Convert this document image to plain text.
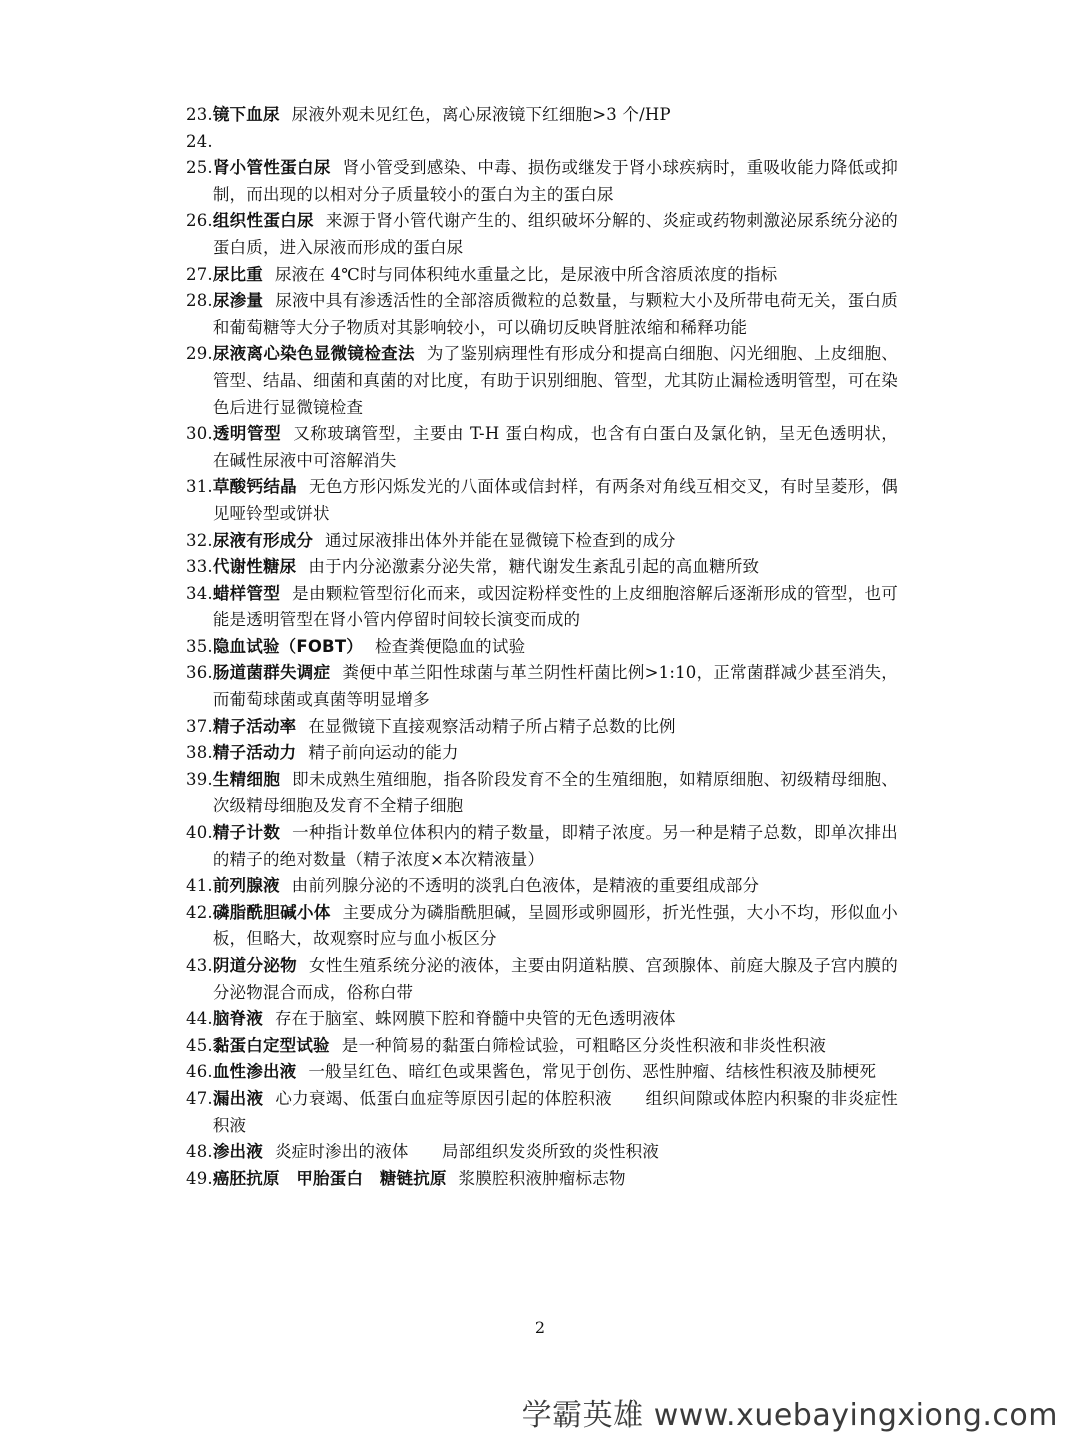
23. 镜下血尿 尿液外观未见红色，离心尿液镜下红细胞>3 个/HP
24.
25. 肾小管性蛋白尿 肾小管受到感染、中毒、损伤或继发于肾小球疾病时，重吸收能力降低或抑制，而出现的以相对分子质量较小的蛋白为主的蛋白尿
26. 组织性蛋白尿 来源于肾小管代谢产生的、组织破坏分解的、炎症或药物刺激泌尿系统分泌的蛋白质，进入尿液而形成的蛋白尿
27. 尿比重 尿液在 4℃时与同体积纯水重量之比，是尿液中所含溶质浓度的指标
28. 尿渗量 尿液中具有渗透活性的全部溶质微粒的总数量，与颗粒大小及所带电荷无关，蛋白质和葡萄糖等大分子物质对其影响较小，可以确切反映肾脏浓缩和稀释功能
29. 尿液离心染色显微镜检查法 为了鉴别病理性有形成分和提高白细胞、闪光细胞、上皮细胞、管型、结晶、细菌和真菌的对比度，有助于识别细胞、管型，尤其防止漏检透明管型，可在染色后进行显微镜检查
30. 透明管型 又称玻璃管型，主要由 T-H 蛋白构成，也含有白蛋白及氯化钠，呈无色透明状，在碱性尿液中可溶解消失
31. 草酸钙结晶 无色方形闪烁发光的八面体或信封样，有两条对角线互相交叉，有时呈菱形，偶见哑铃型或饼状
32. 尿液有形成分 通过尿液排出体外并能在显微镜下检查到的成分
33. 代谢性糖尿 由于内分泌激素分泌失常，糖代谢发生紊乱引起的高血糖所致
34. 蜡样管型 是由颗粒管型衍化而来，或因淀粉样变性的上皮细胞溶解后逐渐形成的管型，也可能是透明管型在肾小管内停留时间较长演变而成的
35. 隐血试验（FOBT） 检查粪便隐血的试验
36. 肠道菌群失调症 粪便中革兰阳性球菌与革兰阴性杆菌比例>1:10，正常菌群减少甚至消失，而葡萄球菌或真菌等明显增多
37. 精子活动率 在显微镜下直接观察活动精子所占精子总数的比例
38. 精子活动力 精子前向运动的能力
39. 生精细胞 即未成熟生殖细胞，指各阶段发育不全的生殖细胞，如精原细胞、初级精母细胞、次级精母细胞及发育不全精子细胞
40. 精子计数 一种指计数单位体积内的精子数量，即精子浓度。另一种是精子总数，即单次排出的精子的绝对数量（精子浓度×本次精液量）
41. 前列腺液 由前列腺分泌的不透明的淡乳白色液体，是精液的重要组成部分
42. 磷脂酰胆碱小体 主要成分为磷脂酰胆碱，呈圆形或卵圆形，折光性强，大小不均，形似血小板，但略大，故观察时应与血小板区分
43. 阴道分泌物 女性生殖系统分泌的液体，主要由阴道粘膜、宫颈腺体、前庭大腺及子宫内膜的分泌物混合而成，俗称白带
44. 脑脊液 存在于脑室、蛛网膜下腔和脊髓中央管的无色透明液体
45. 黏蛋白定型试验 是一种简易的黏蛋白筛检试验，可粗略区分炎性积液和非炎性积液
46. 血性渗出液 一般呈红色、暗红色或果酱色，常见于创伤、恶性肿瘤、结核性积液及肺梗死
47. 漏出液 心力衰竭、低蛋白血症等原因引起的体腔积液　　组织间隙或体腔内积聚的非炎症性积液
48. 渗出液 炎症时渗出的液体　　局部组织发炎所致的炎性积液
49. 癌胚抗原　甲胎蛋白　糖链抗原 浆膜腔积液肿瘤标志物
2
学霸英雄 www.xuebayingxiong.com
